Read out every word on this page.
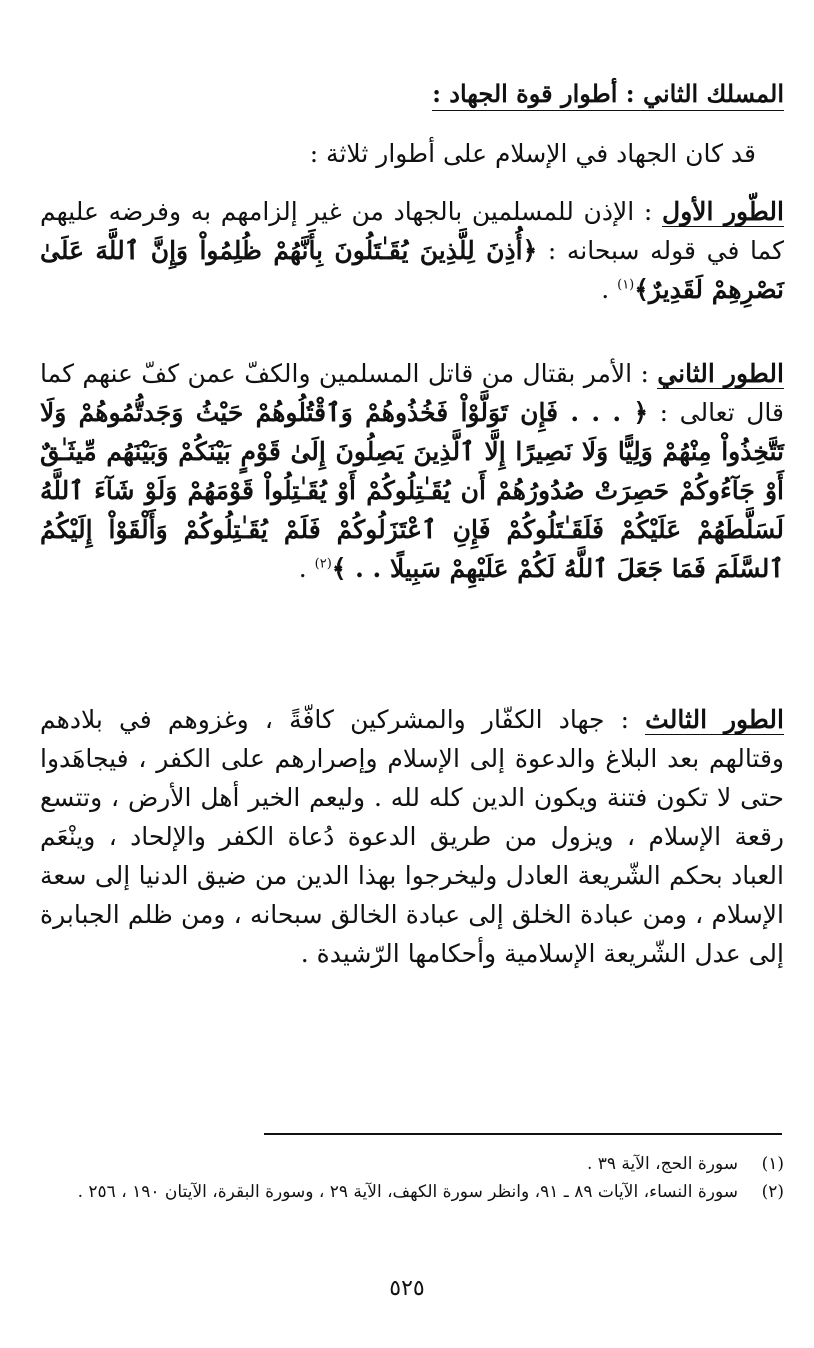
المسلك الثاني : أطوار قوة الجهاد :
قد كان الجهاد في الإسلام على أطوار ثلاثة :
الطّور الأول : الإذن للمسلمين بالجهاد من غير إلزامهم به وفرضه عليهم كما في قوله سبحانه : ﴿أُذِنَ لِلَّذِينَ يُقَـٰتَلُونَ بِأَنَّهُمْ ظُلِمُواْ وَإِنَّ ٱللَّهَ عَلَىٰ نَصْرِهِمْ لَقَدِيرٌ﴾$^{(١)}$ .
الطور الثاني : الأمر بقتال من قاتل المسلمين والكفّ عمن كفّ عنهم كما قال تعالى : ﴿ . . . فَإِن تَوَلَّوْاْ فَخُذُوهُمْ وَٱقْتُلُوهُمْ حَيْثُ وَجَدتُّمُوهُمْ وَلَا تَتَّخِذُواْ مِنْهُمْ وَلِيًّا وَلَا نَصِيرًا إِلَّا ٱلَّذِينَ يَصِلُونَ إِلَىٰ قَوْمٍ بَيْنَكُمْ وَبَيْنَهُم مِّيثَـٰقٌ أَوْ جَآءُوكُمْ حَصِرَتْ صُدُورُهُمْ أَن يُقَـٰتِلُوكُمْ أَوْ يُقَـٰتِلُواْ قَوْمَهُمْ وَلَوْ شَآءَ ٱللَّهُ لَسَلَّطَهُمْ عَلَيْكُمْ فَلَقَـٰتَلُوكُمْ فَإِنِ ٱعْتَزَلُوكُمْ فَلَمْ يُقَـٰتِلُوكُمْ وَأَلْقَوْاْ إِلَيْكُمُ ٱلسَّلَمَ فَمَا جَعَلَ ٱللَّهُ لَكُمْ عَلَيْهِمْ سَبِيلًا . . ﴾$^{(٢)}$ .
الطور الثالث : جهاد الكفّار والمشركين كافّةً ، وغزوهم في بلادهم وقتالهم بعد البلاغ والدعوة إلى الإسلام وإصرارهم على الكفر ، فيجاهَدوا حتى لا تكون فتنة ويكون الدين كله لله . وليعم الخير أهل الأرض ، وتتسع رقعة الإسلام ، ويزول من طريق الدعوة دُعاة الكفر والإلحاد ، وينْعَم العباد بحكم الشّريعة العادل وليخرجوا بهذا الدين من ضيق الدنيا إلى سعة الإسلام ، ومن عبادة الخلق إلى عبادة الخالق سبحانه ، ومن ظلم الجبابرة إلى عدل الشّريعة الإسلامية وأحكامها الرّشيدة .
(١)
سورة الحج، الآية ٣٩ .
(٢)
سورة النساء، الآيات ٨٩ ـ ٩١، وانظر سورة الكهف، الآية ٢٩ ، وسورة البقرة، الآيتان ١٩٠ ، ٢٥٦ .
٥٢٥
